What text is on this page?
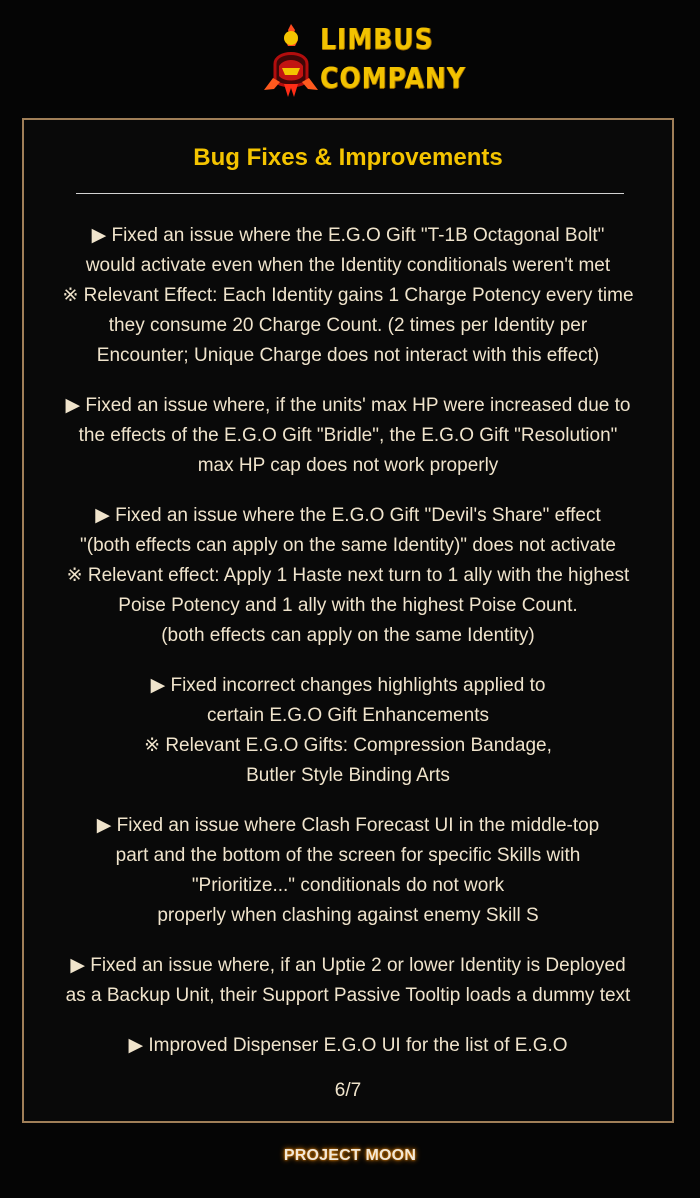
LIMBUS
COMPANY
Bug Fixes & Improvements
▶ Fixed an issue where the E.G.O Gift "T-1B Octagonal Bolt"
would activate even when the Identity conditionals weren't met
※ Relevant Effect: Each Identity gains 1 Charge Potency every time
they consume 20 Charge Count. (2 times per Identity per
Encounter; Unique Charge does not interact with this effect)
▶ Fixed an issue where, if the units' max HP were increased due to
the effects of the E.G.O Gift "Bridle", the E.G.O Gift "Resolution"
max HP cap does not work properly
▶ Fixed an issue where the E.G.O Gift "Devil's Share" effect
"(both effects can apply on the same Identity)" does not activate
※ Relevant effect: Apply 1 Haste next turn to 1 ally with the highest
Poise Potency and 1 ally with the highest Poise Count.
(both effects can apply on the same Identity)
▶ Fixed incorrect changes highlights applied to
certain E.G.O Gift Enhancements
※ Relevant E.G.O Gifts: Compression Bandage,
Butler Style Binding Arts
▶ Fixed an issue where Clash Forecast UI in the middle-top
part and the bottom of the screen for specific Skills with
"Prioritize..." conditionals do not work
properly when clashing against enemy Skill S
▶ Fixed an issue where, if an Uptie 2 or lower Identity is Deployed
as a Backup Unit, their Support Passive Tooltip loads a dummy text
▶ Improved Dispenser E.G.O UI for the list of E.G.O
6/7
PROJECT MOON
